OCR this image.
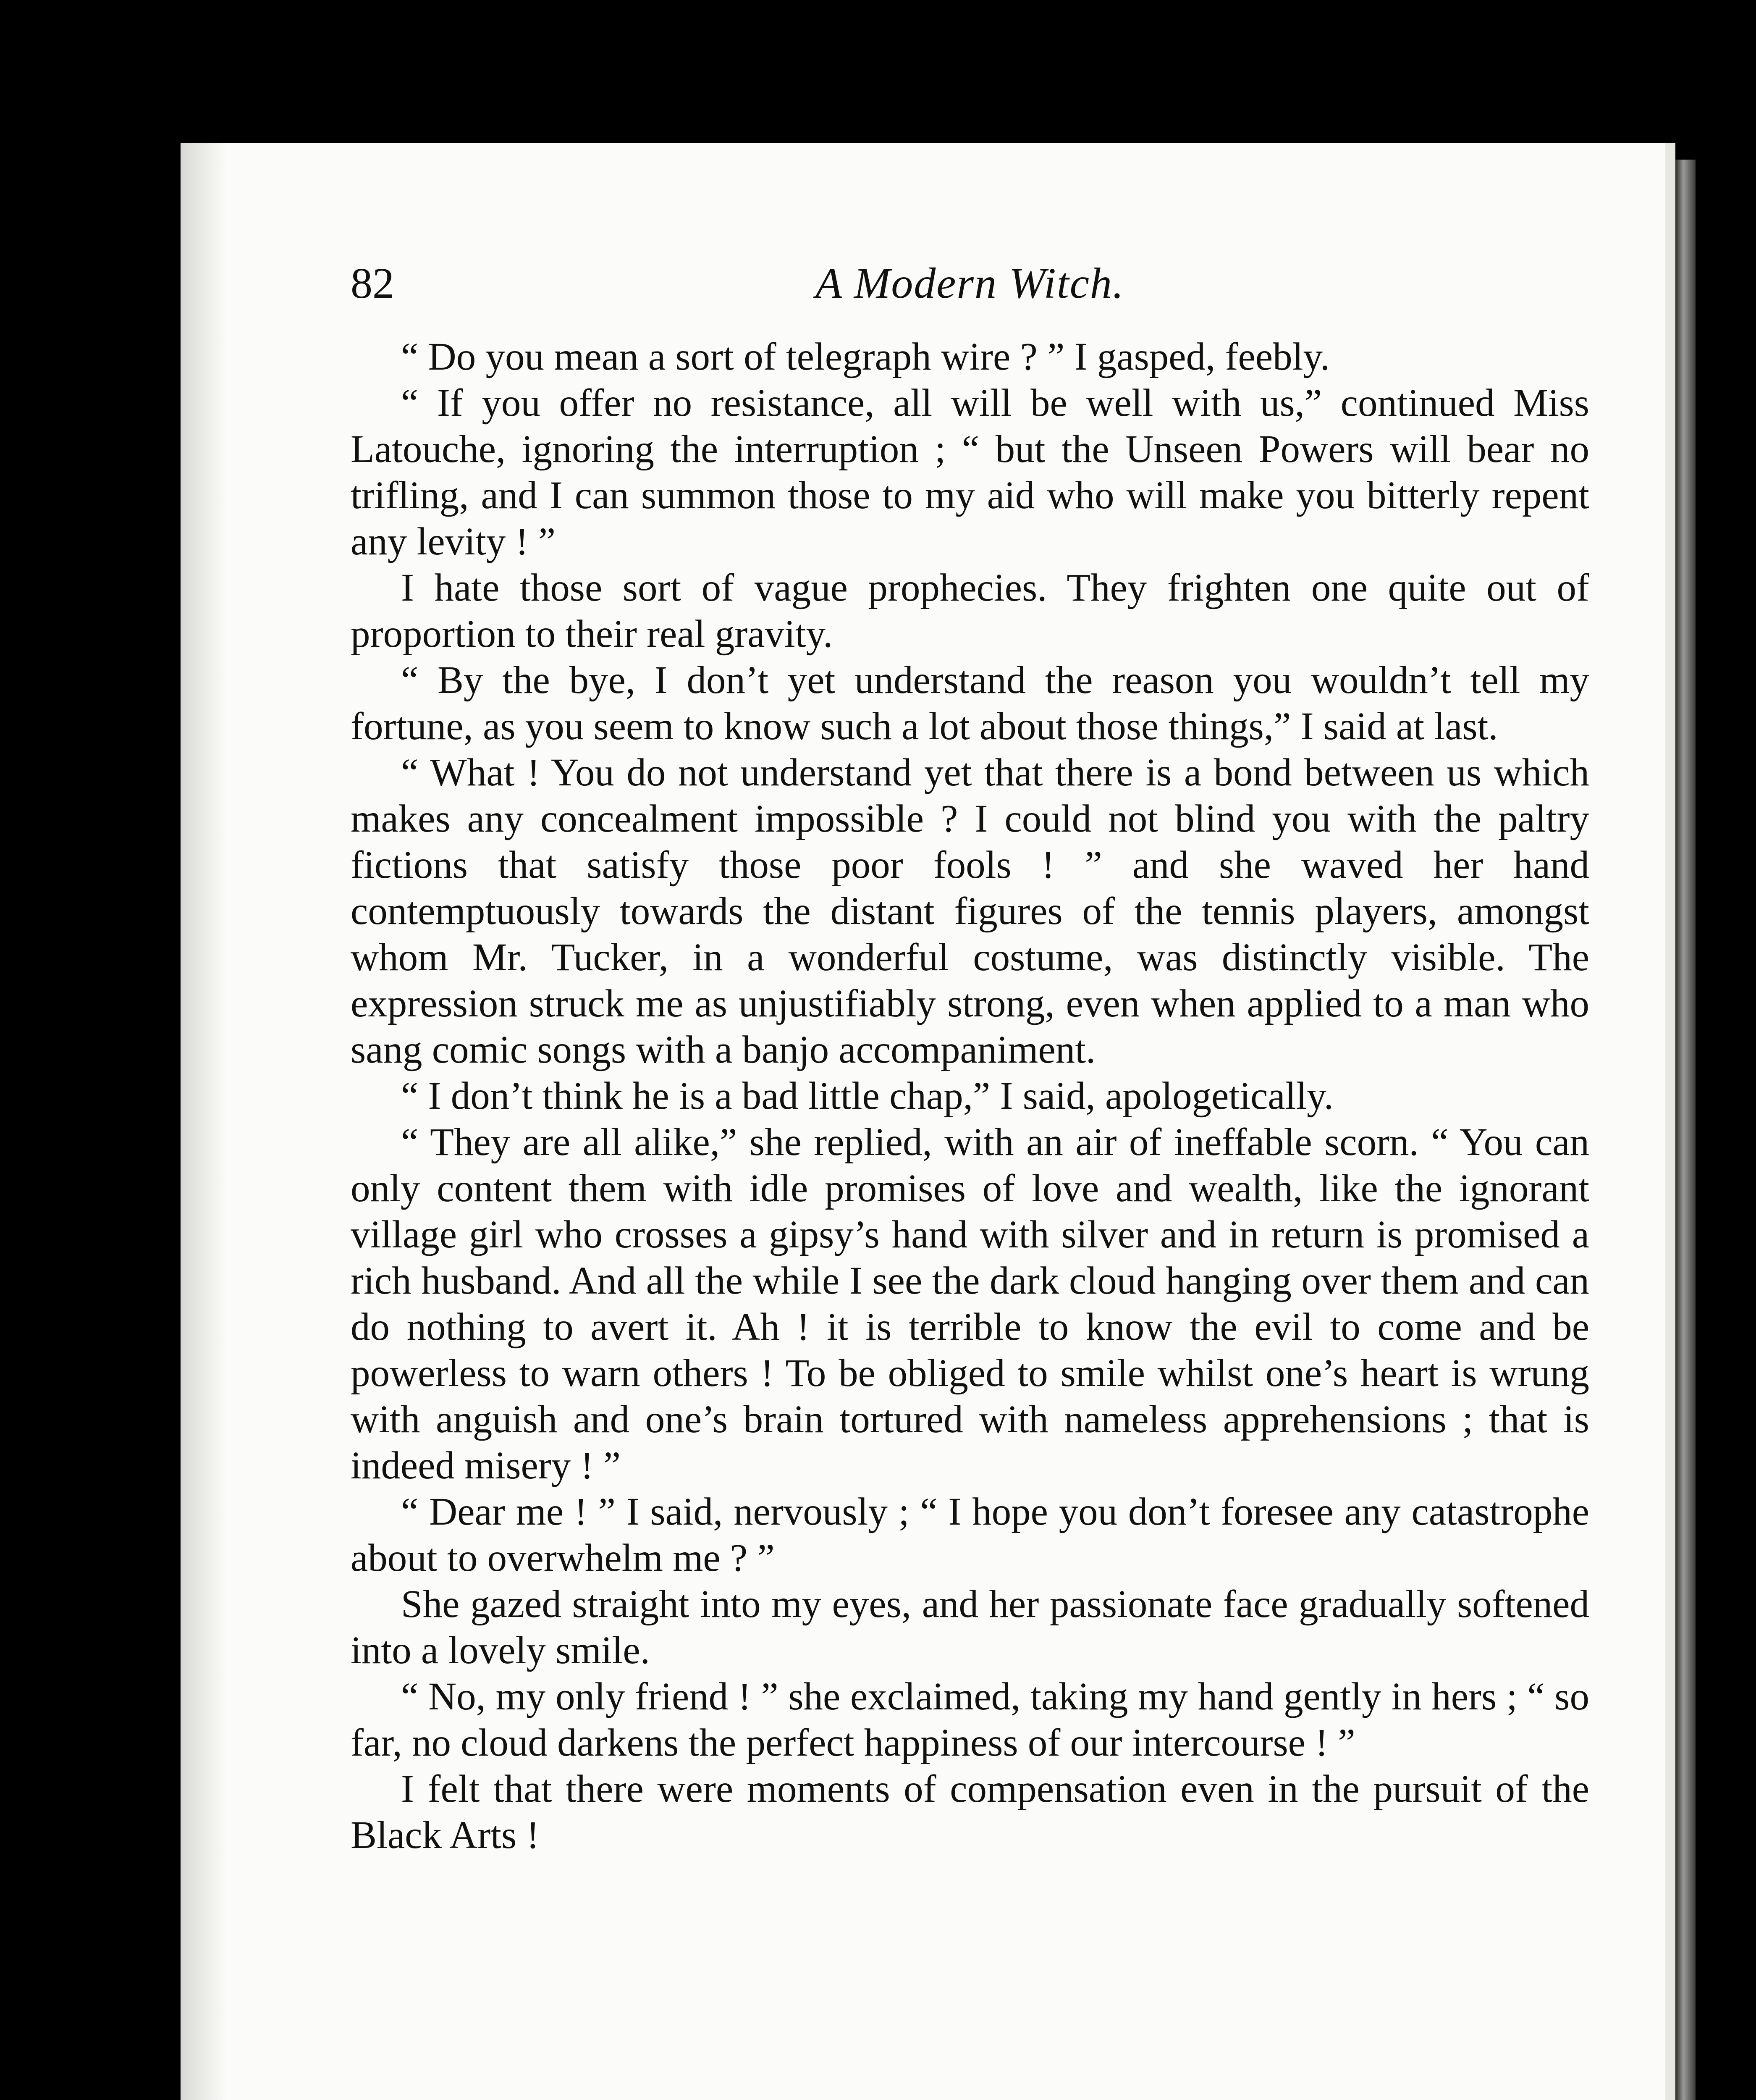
82	A Modern Witch.

“ Do you mean a sort of telegraph wire ? ” I gasped, feebly.

“ If you offer no resistance, all will be well with us,” continued Miss Latouche, ignoring the interruption ; “ but the Unseen Powers will bear no trifling, and I can summon those to my aid who will make you bitterly repent any levity ! ”

I hate those sort of vague prophecies. They frighten one quite out of proportion to their real gravity.

“ By the bye, I don’t yet understand the reason you wouldn’t tell my fortune, as you seem to know such a lot about those things,” I said at last.

“ What ! You do not understand yet that there is a bond between us which makes any concealment impossible ? I could not blind you with the paltry fictions that satisfy those poor fools ! ” and she waved her hand contemptuously towards the distant figures of the tennis players, amongst whom Mr. Tucker, in a wonderful costume, was distinctly visible. The expression struck me as unjustifiably strong, even when applied to a man who sang comic songs with a banjo accompaniment.

“ I don’t think he is a bad little chap,” I said, apologetically.

“ They are all alike,” she replied, with an air of ineffable scorn. “ You can only content them with idle promises of love and wealth, like the ignorant village girl who crosses a gipsy’s hand with silver and in return is promised a rich husband. And all the while I see the dark cloud hanging over them and can do nothing to avert it. Ah ! it is terrible to know the evil to come and be powerless to warn others ! To be obliged to smile whilst one’s heart is wrung with anguish and one’s brain tortured with nameless apprehensions ; that is indeed misery ! ”

“ Dear me ! ” I said, nervously ; “ I hope you don’t foresee any catastrophe about to overwhelm me ? ”

She gazed straight into my eyes, and her passionate face gradually softened into a lovely smile.

“ No, my only friend ! ” she exclaimed, taking my hand gently in hers ; “ so far, no cloud darkens the perfect happiness of our intercourse ! ”

I felt that there were moments of compensation even in the pursuit of the Black Arts !
